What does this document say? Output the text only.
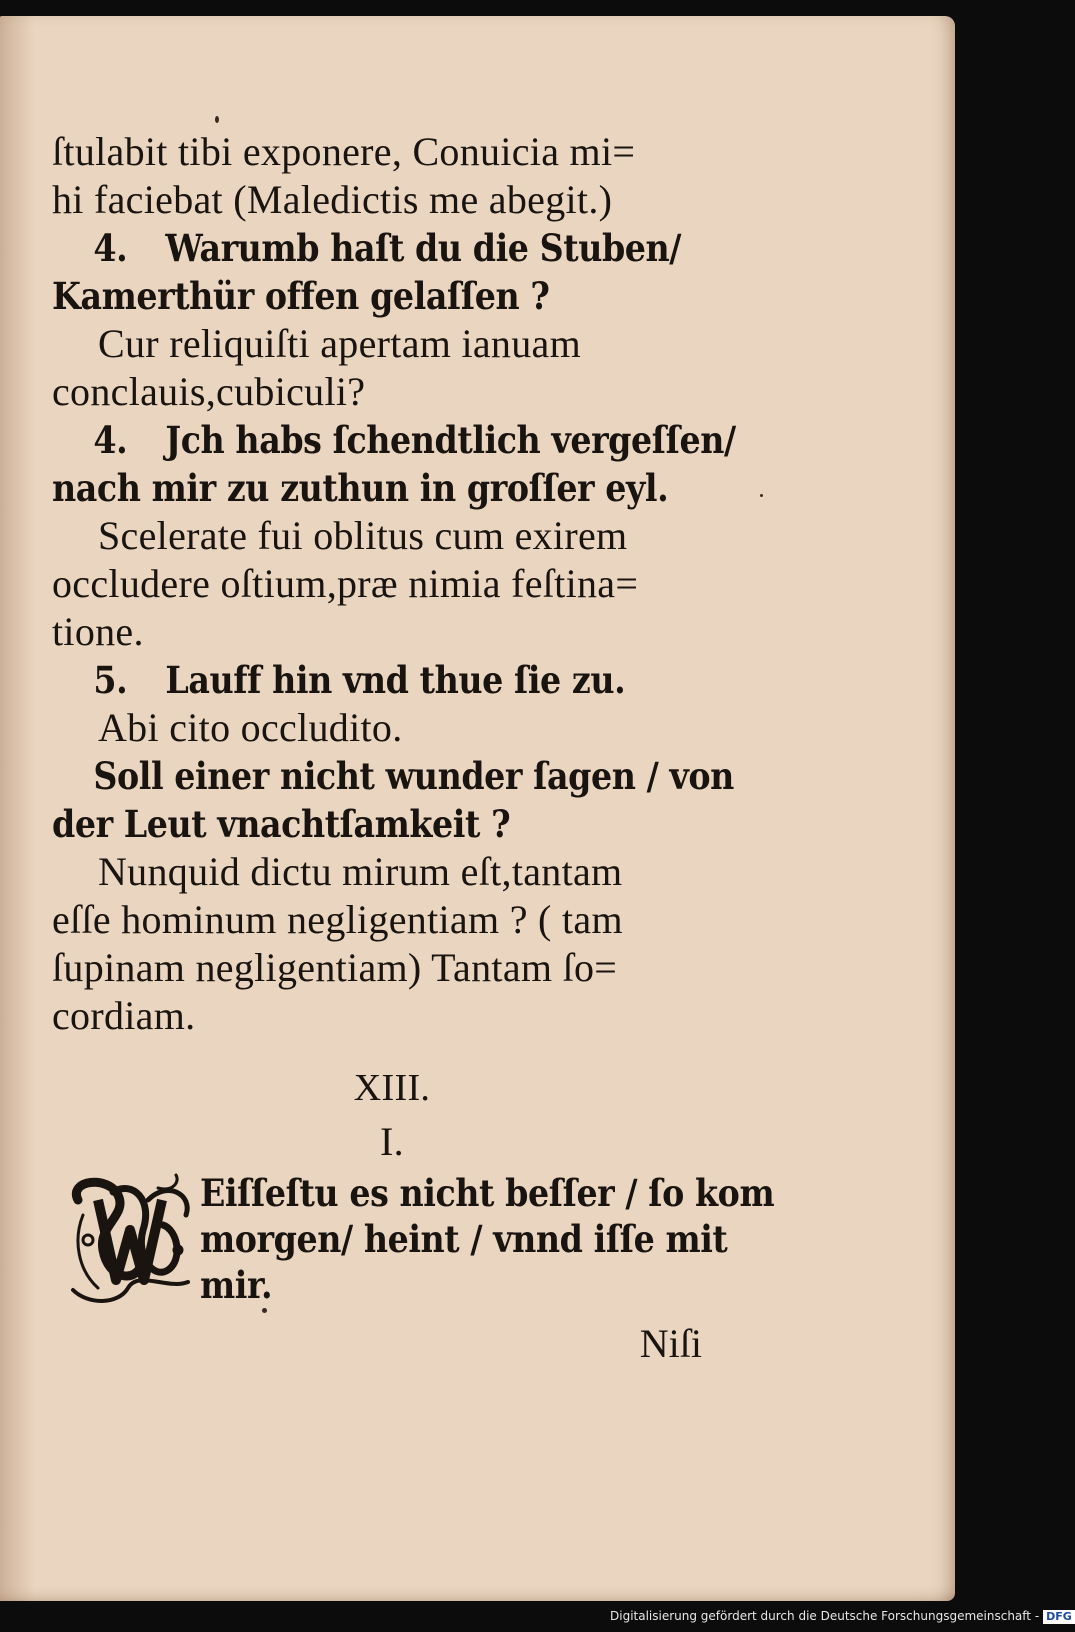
ſtulabit tibi exponere, Conuicia mi=
hi faciebat (Maledictis me abegit.)
4. Warumb haſt du die Stuben/
Kamerthür offen gelaſſen ?
Cur reliquiſti apertam ianuam
conclauis,cubiculi?
4. Jch habs ſchendtlich vergeſſen/
nach mir zu zuthun in groſſer eyl.
Scelerate fui oblitus cum exirem
occludere oſtium,præ nimia feſtina=
tione.
5. Lauff hin vnd thue ſie zu.
Abi cito occludito.
Soll einer nicht wunder ſagen / von
der Leut vnachtſamkeit ?
Nunquid dictu mirum eſt,tantam
eſſe hominum negligentiam ? ( tam
ſupinam negligentiam) Tantam ſo=
cordiam.
XIII.
I.
Eiſſeſtu es nicht beſſer / ſo kom
morgen/ heint / vnnd iſſe mit
mir.
Niſi
Digitalisierung gefördert durch die Deutsche Forschungsgemeinschaft - DFG
